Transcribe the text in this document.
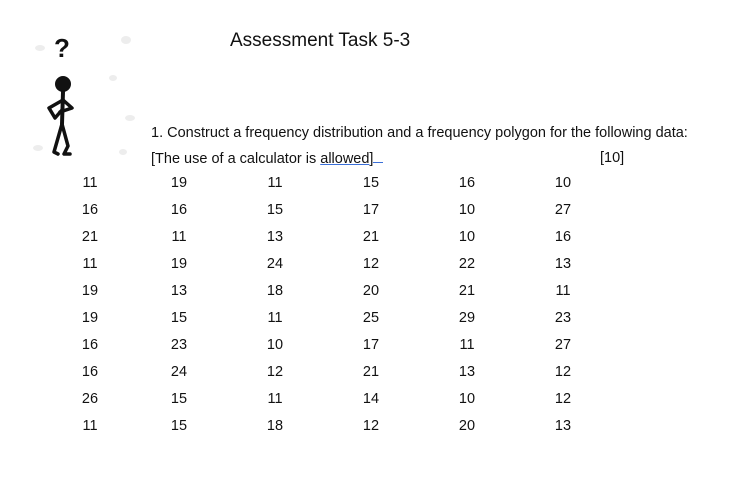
Assessment Task 5-3
?
1. Construct a frequency distribution and a frequency polygon for the following data:
[The use of a calculator is allowed]	[10]
11	19	11	15	16	10
16	16	15	17	10	27
21	11	13	21	10	16
11	19	24	12	22	13
19	13	18	20	21	11
19	15	11	25	29	23
16	23	10	17	11	27
16	24	12	21	13	12
26	15	11	14	10	12
11	15	18	12	20	13
